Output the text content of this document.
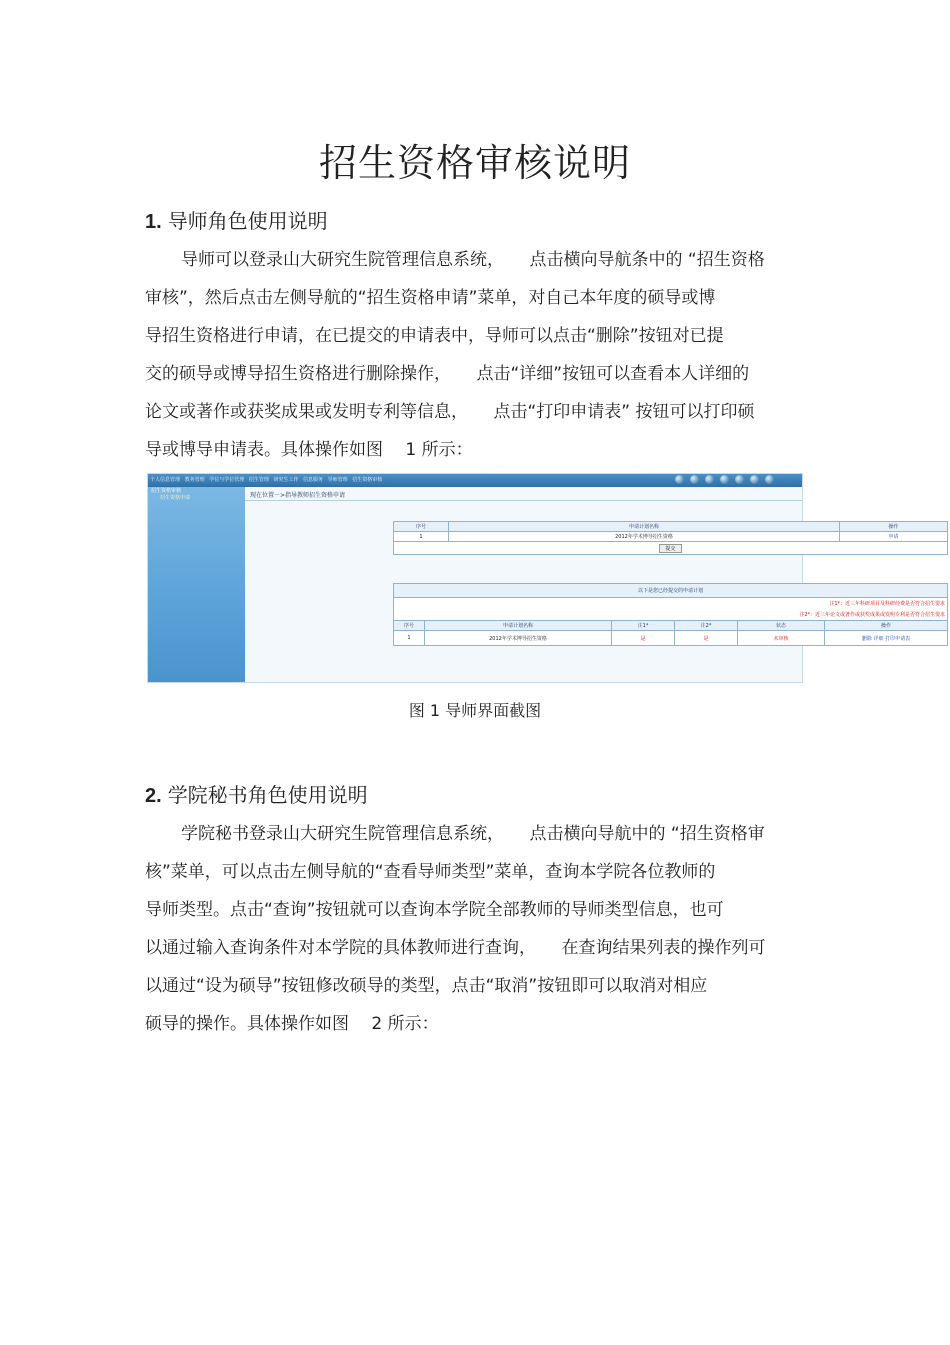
招生资格审核说明
1. 导师角色使用说明
导师可以登录山大研究生院管理信息系统，　　点击横向导航条中的 “招生资格
审核”，然后点击左侧导航的“招生资格申请”菜单，对自己本年度的硕导或博
导招生资格进行申请，在已提交的申请表中，导师可以点击“删除”按钮对已提
交的硕导或博导招生资格进行删除操作，　　点击“详细”按钮可以查看本人详细的
论文或著作或获奖成果或发明专利等信息，　　点击“打印申请表” 按钮可以打印硕
导或博导申请表。具体操作如图　 1 所示：
个人信息管理 教务管理 学位与学位管理 招生管理 研究生工作 信息服务 导师管理 招生资格审核
招生资格审核
招生资格申请	现在位置－>指导教师招生资格申请
序号	申请计划名称	操作
1	2012年学术博导招生资格	申请
提交		
以下是您已经提交的申请计划					
注1*：近三年科研项目及科研经费是否符合招生要求					
注2*：近三年论文或著作或获奖成果或发明专利是否符合招生要求					
序号	申请计划名称	注1*	注2*	状态	操作
1	2012年学术博导招生资格	是	是	未审核	删除 详细 打印申请表
图 1 导师界面截图
2. 学院秘书角色使用说明
学院秘书登录山大研究生院管理信息系统，　　点击横向导航中的 “招生资格审
核”菜单，可以点击左侧导航的“查看导师类型”菜单，查询本学院各位教师的
导师类型。点击“查询”按钮就可以查询本学院全部教师的导师类型信息，也可
以通过输入查询条件对本学院的具体教师进行查询，　　在查询结果列表的操作列可
以通过“设为硕导”按钮修改硕导的类型，点击“取消”按钮即可以取消对相应
硕导的操作。具体操作如图　 2 所示：
